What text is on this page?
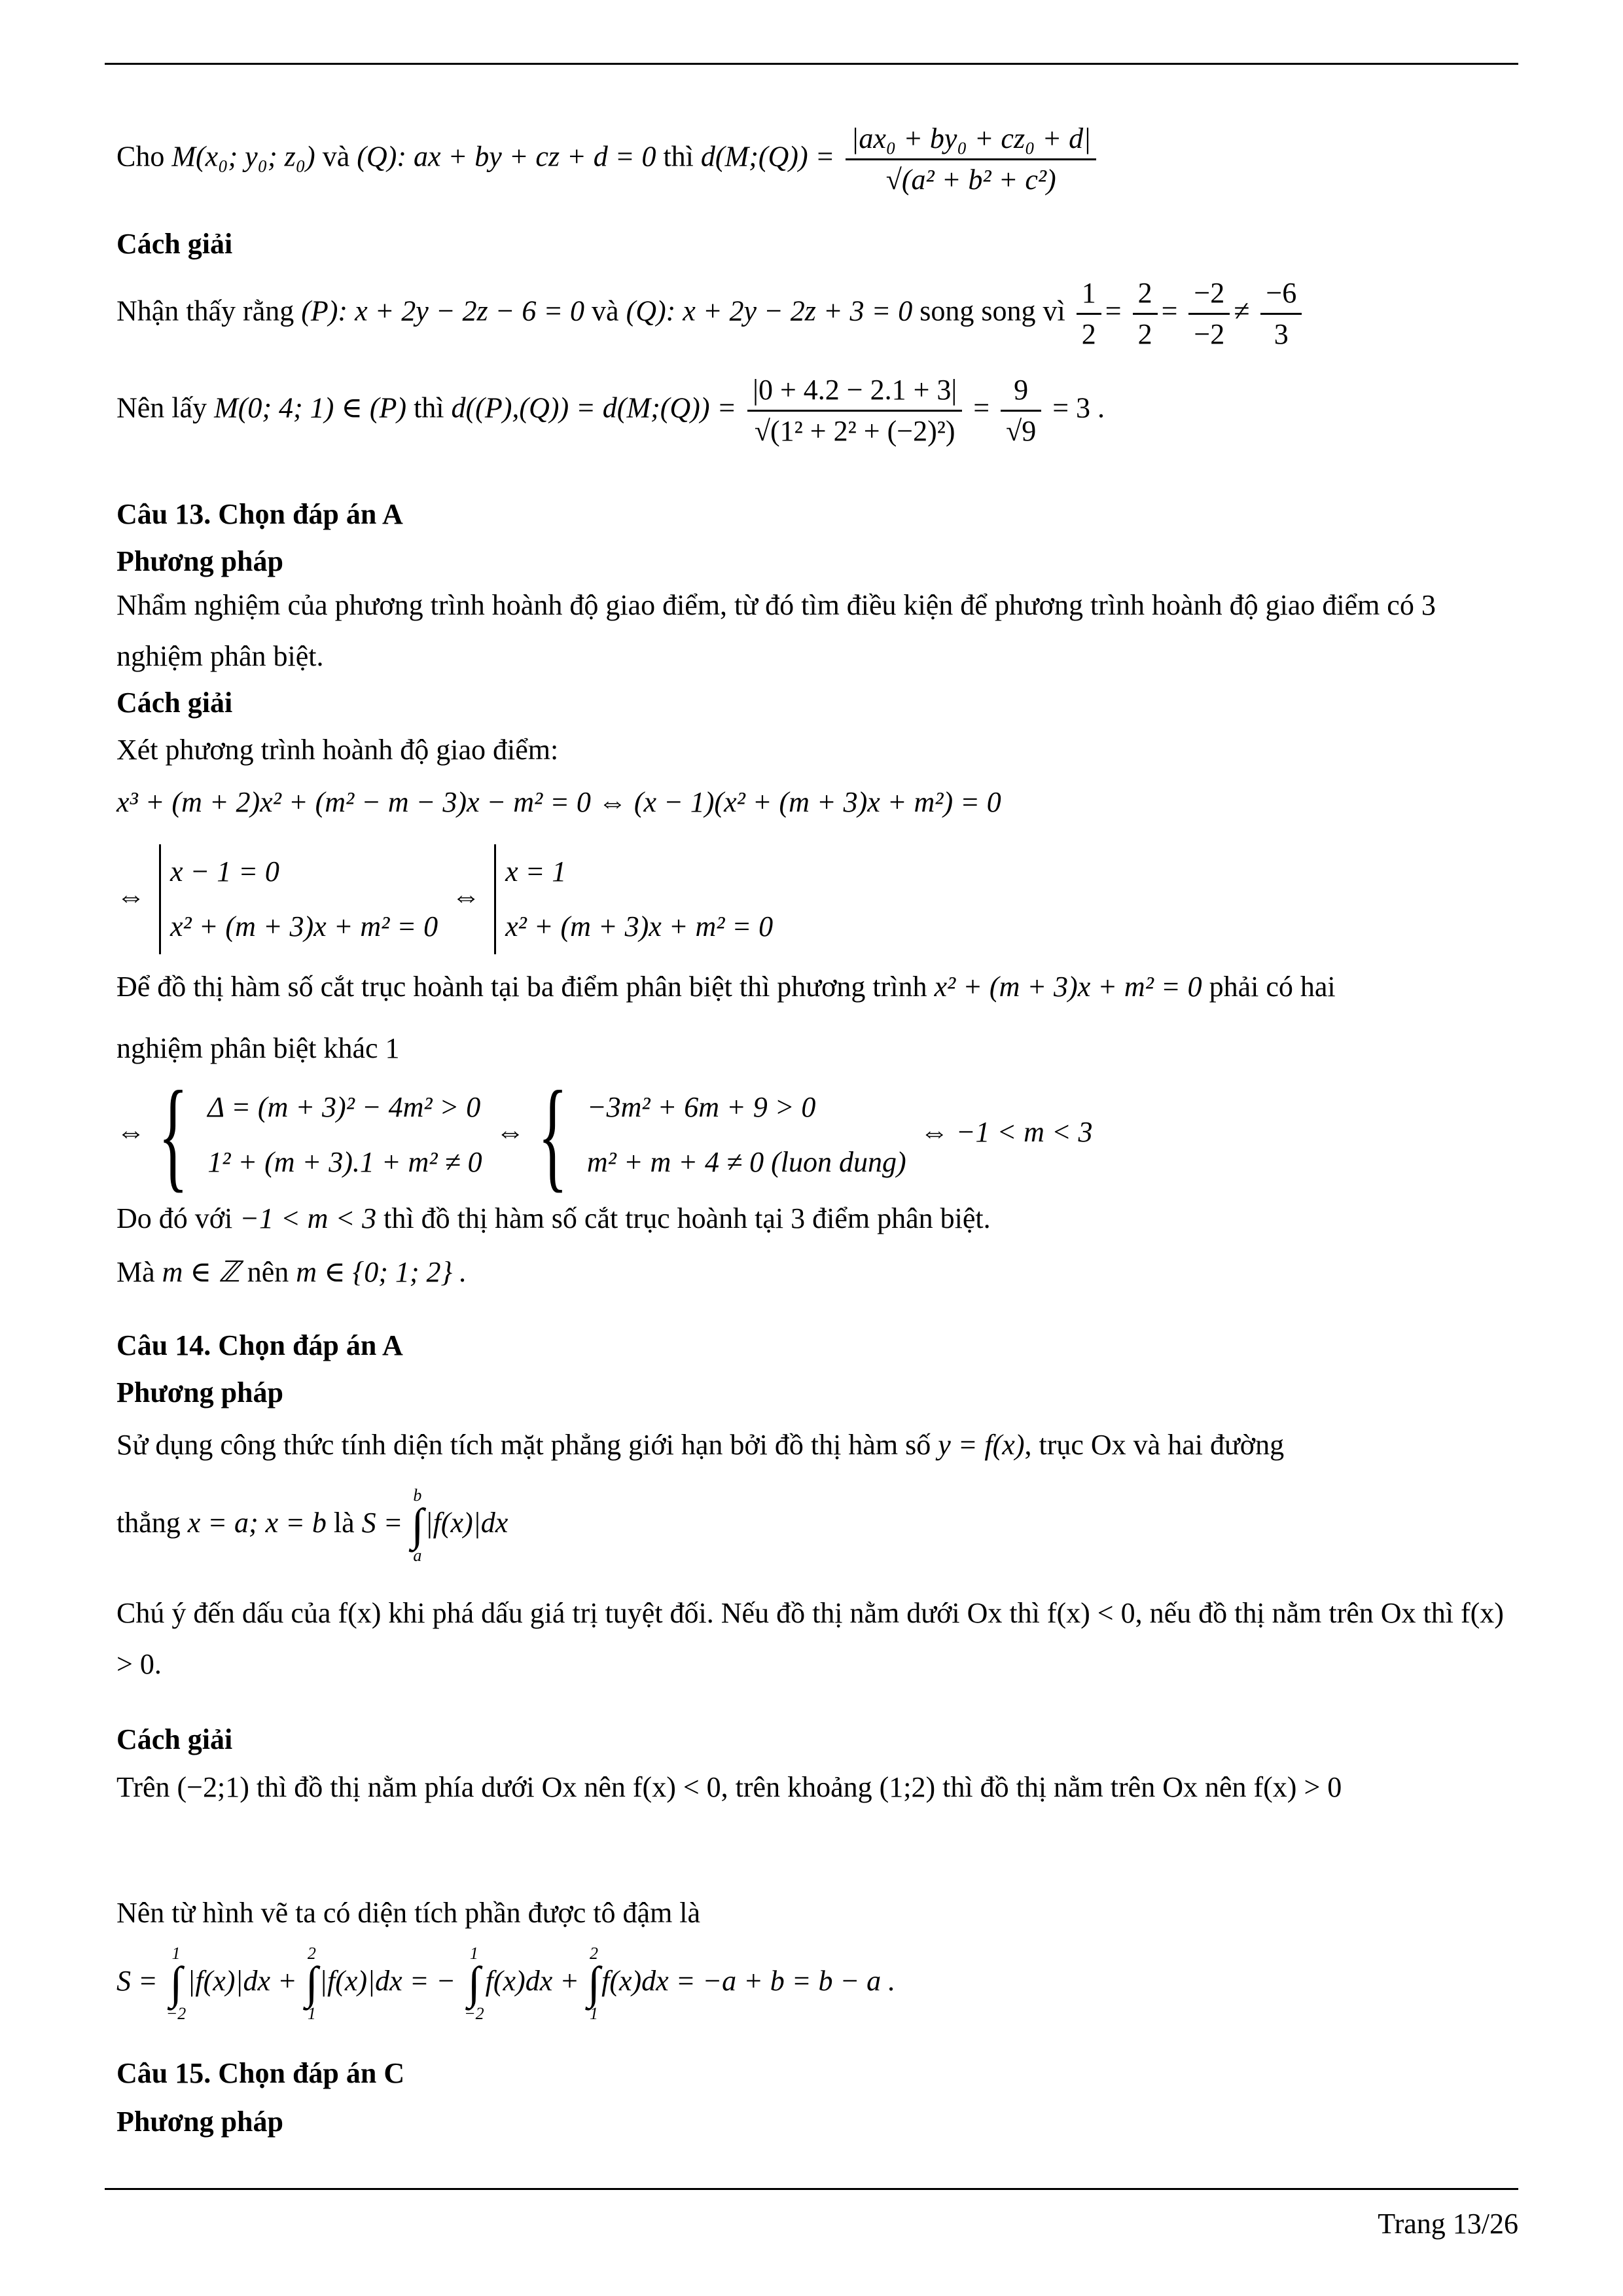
Cho M(x₀; y₀; z₀) và (Q): ax + by + cz + d = 0 thì d(M;(Q)) = $\frac{\text{|ax₀ + by₀ + cz₀ + d|}}{\text{√(a² + b² + c²)}}$
Cách giải
Nhận thấy rằng (P): x + 2y − 2z − 6 = 0 và (Q): x + 2y − 2z + 3 = 0 song song vì $\frac{1}{2} = \frac{2}{2} = \frac{-2}{-2} \ne \frac{-6}{3}$
Nên lấy M(0; 4; 1) ∈ (P) thì d((P),(Q)) = d(M;(Q)) = $\frac{|0 + 4.2 - 2.1 + 3|}{\text{√(1² + 2² + (−2)²)}} = \frac{9}{√9} = 3$ .
Câu 13. Chọn đáp án A
Phương pháp
Nhẩm nghiệm của phương trình hoành độ giao điểm, từ đó tìm điều kiện để phương trình hoành độ giao điểm có 3 nghiệm phân biệt.
Cách giải
Xét phương trình hoành độ giao điểm:
x³ + (m + 2)x² + (m² − m − 3)x − m² = 0 ⇔ (x − 1)(x² + (m + 3)x + m²) = 0
⇔
x − 1 = 0
x² + (m + 3)x + m² = 0
⇔
x = 1
x² + (m + 3)x + m² = 0
Để đồ thị hàm số cắt trục hoành tại ba điểm phân biệt thì phương trình x² + (m + 3)x + m² = 0 phải có hai
nghiệm phân biệt khác 1
⇔ { Δ = (m + 3)² − 4m² > 0
1² + (m + 3).1 + m² ≠ 0
⇔ { −3m² + 6m + 9 > 0
m² + m + 4 ≠ 0 (luon dung)
⇔ −1 < m < 3
Do đó với −1 < m < 3 thì đồ thị hàm số cắt trục hoành tại 3 điểm phân biệt.
Mà m ∈ ℤ nên m ∈ {0; 1; 2} .
Câu 14. Chọn đáp án A
Phương pháp
Sử dụng công thức tính diện tích mặt phẳng giới hạn bởi đồ thị hàm số y = f(x), trục Ox và hai đường
thẳng x = a; x = b là S =
b
∫
a
|f(x)|dx
Chú ý đến dấu của f(x) khi phá dấu giá trị tuyệt đối. Nếu đồ thị nằm dưới Ox thì f(x) < 0, nếu đồ thị nằm trên Ox thì f(x) > 0.
Cách giải
Trên (−2;1) thì đồ thị nằm phía dưới Ox nên f(x) < 0, trên khoảng (1;2) thì đồ thị nằm trên Ox nên f(x) > 0
Nên từ hình vẽ ta có diện tích phần được tô đậm là
S =
1
∫
−2
|f(x)|dx +
2
∫
1
|f(x)|dx = −
1
∫
−2
f(x)dx +
2
∫
1
f(x)dx = −a + b = b − a .
Câu 15. Chọn đáp án C
Phương pháp
Trang 13/26
